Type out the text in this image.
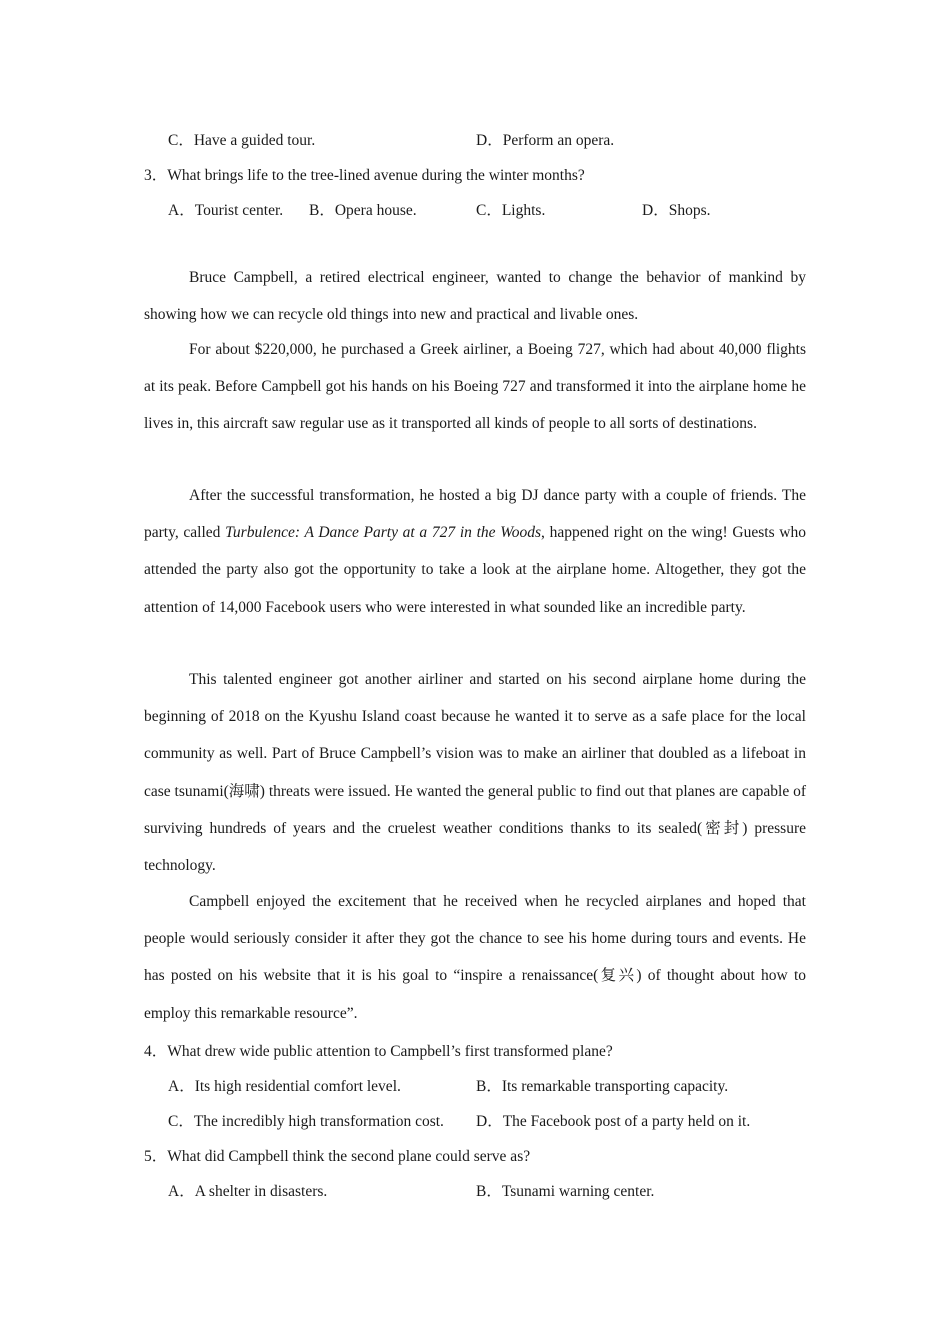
C．Have a guided tour.	D．Perform an opera.
3．What brings life to the tree-lined avenue during the winter months?
A．Tourist center. B．Opera house.	C．Lights.	D．Shops.

Bruce Campbell, a retired electrical engineer, wanted to change the behavior of mankind by showing how we can recycle old things into new and practical and livable ones.

For about $220,000, he purchased a Greek airliner, a Boeing 727, which had about 40,000 flights at its peak. Before Campbell got his hands on his Boeing 727 and transformed it into the airplane home he lives in, this aircraft saw regular use as it transported all kinds of people to all sorts of destinations.

After the successful transformation, he hosted a big DJ dance party with a couple of friends. The party, called Turbulence: A Dance Party at a 727 in the Woods, happened right on the wing! Guests who attended the party also got the opportunity to take a look at the airplane home. Altogether, they got the attention of 14,000 Facebook users who were interested in what sounded like an incredible party.

This talented engineer got another airliner and started on his second airplane home during the beginning of 2018 on the Kyushu Island coast because he wanted it to serve as a safe place for the local community as well. Part of Bruce Campbell’s vision was to make an airliner that doubled as a lifeboat in case tsunami(海啸) threats were issued. He wanted the general public to find out that planes are capable of surviving hundreds of years and the cruelest weather conditions thanks to its sealed(密封) pressure technology.

Campbell enjoyed the excitement that he received when he recycled airplanes and hoped that people would seriously consider it after they got the chance to see his home during tours and events. He has posted on his website that it is his goal to “inspire a renaissance(复兴) of thought about how to employ this remarkable resource”.

4．What drew wide public attention to Campbell’s first transformed plane?
A．Its high residential comfort level.	B．Its remarkable transporting capacity.
C．The incredibly high transformation cost. D．The Facebook post of a party held on it.
5．What did Campbell think the second plane could serve as?
A．A shelter in disasters.	B．Tsunami warning center.
